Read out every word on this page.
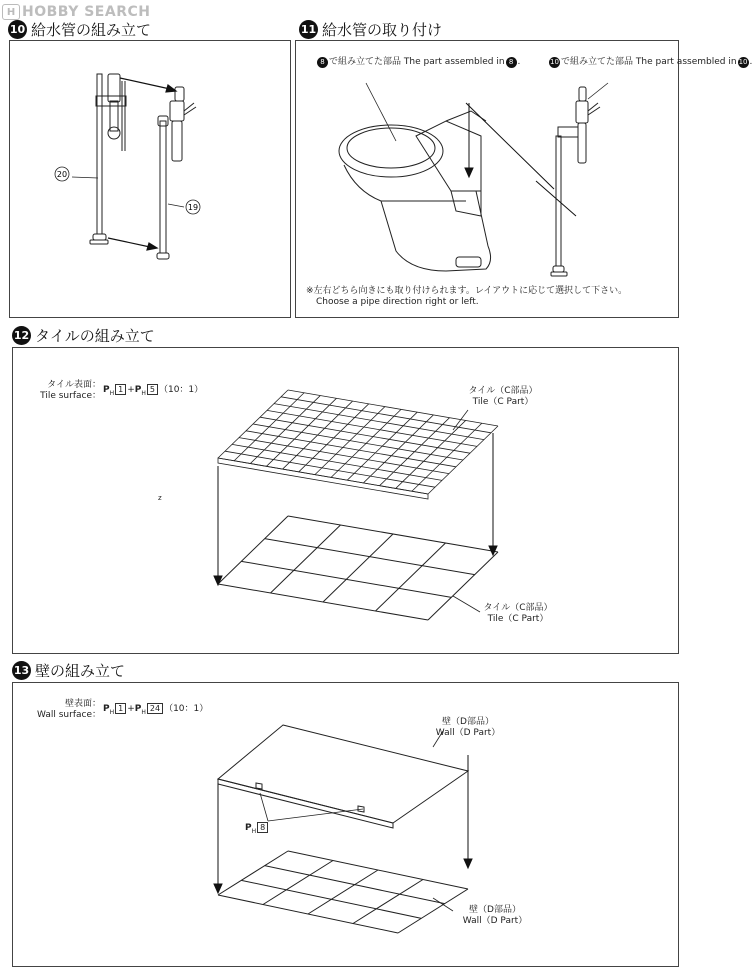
H HOBBY SEARCH
10 給水管の組み立て
20
19
11 給水管の取り付け
8 で組み立てた部品
The part assembled in 8 .	10 で組み立てた部品
The part assembled in 10
※左右どちら向きにも取り付けられます。レイアウトに応じて選択して下さい。
Choose a pipe direction right or left.
12 タイルの組み立て
タイル表面：
Tile surface：
$P_H$ $1 +P_H$ 5 （10：1）	タイル（C部品）
Tile（C Part）
タイル（C部品）
Tile（C Part）
z
13 壁の組み立て
壁表面：
Wall surface：
$P_H$ $1 +P_H$ 24 （10：1）
壁（D部品）
Wall（D Part）
壁（D部品）
Wall（D Part）
$P_H$ 8
